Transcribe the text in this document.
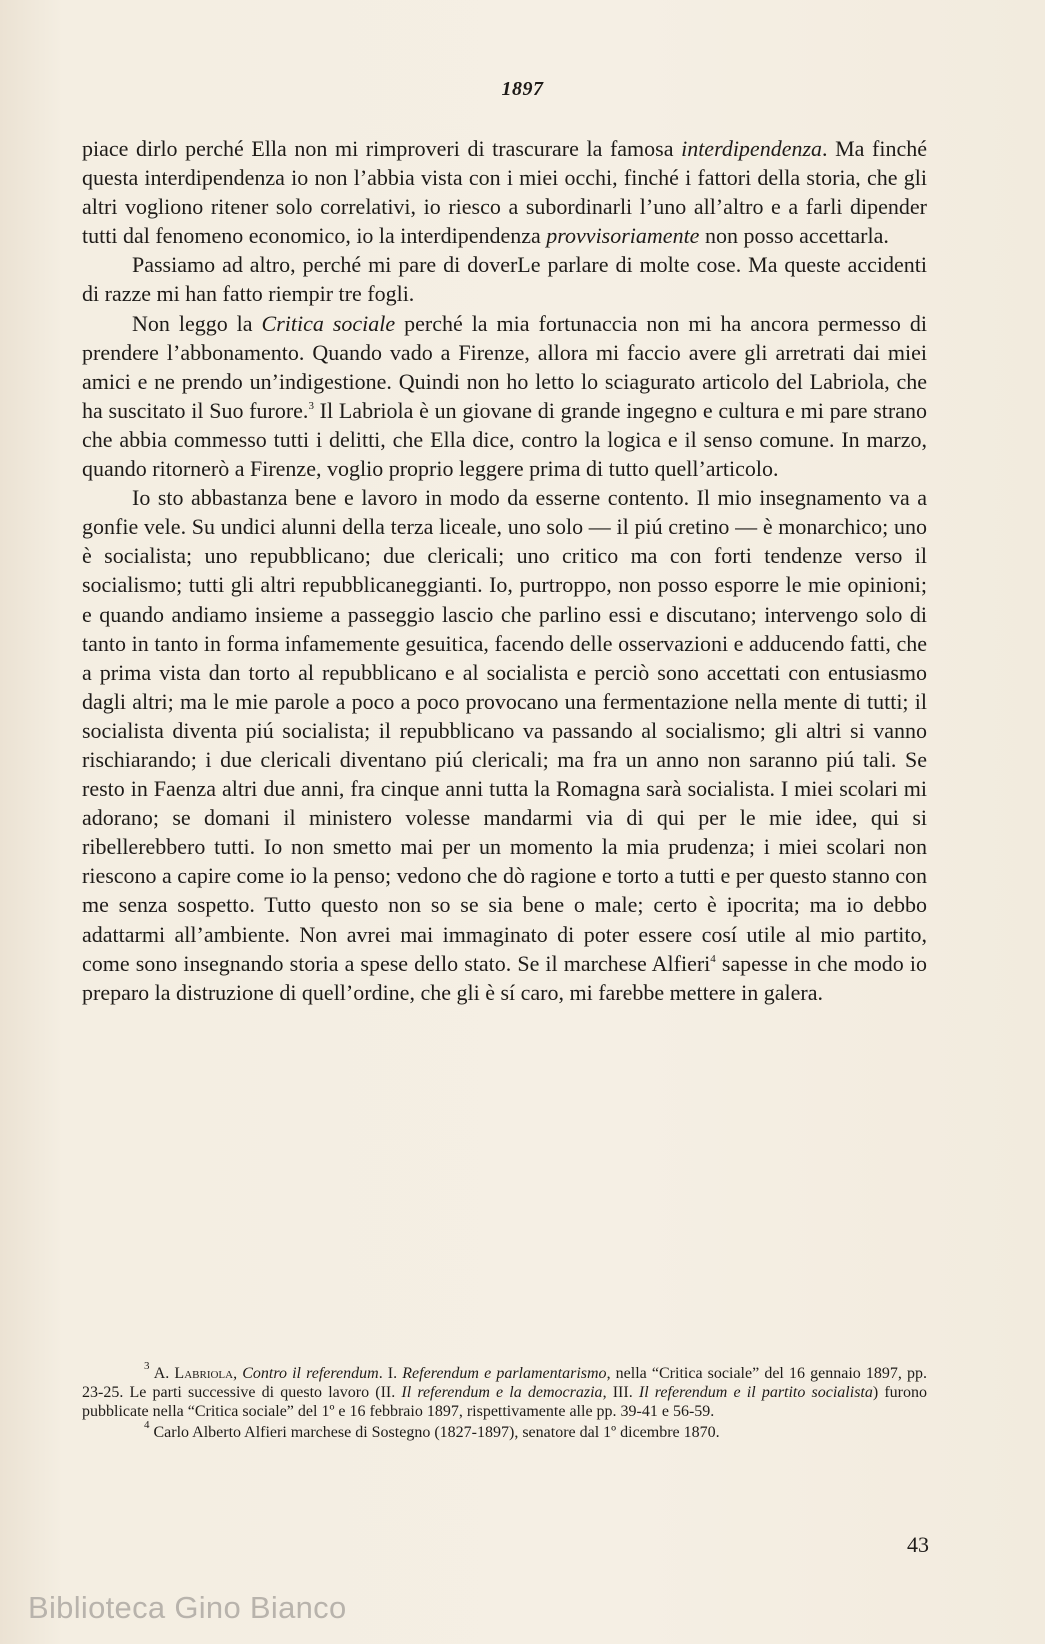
1897

piace dirlo perché Ella non mi rimproveri di trascurare la famosa interdipendenza. Ma finché questa interdipendenza io non l’abbia vista con i miei occhi, finché i fattori della storia, che gli altri vogliono ritener solo correlativi, io riesco a subordinarli l’uno all’altro e a farli dipender tutti dal fenomeno economico, io la interdipendenza provvisoriamente non posso accettarla.

Passiamo ad altro, perché mi pare di doverLe parlare di molte cose. Ma queste accidenti di razze mi han fatto riempir tre fogli.

Non leggo la Critica sociale perché la mia fortunaccia non mi ha ancora permesso di prendere l’abbonamento. Quando vado a Firenze, allora mi faccio avere gli arretrati dai miei amici e ne prendo un’indigestione. Quindi non ho letto lo sciagurato articolo del Labriola, che ha suscitato il Suo furore.$^3$ Il Labriola è un giovane di grande ingegno e cultura e mi pare strano che abbia commesso tutti i delitti, che Ella dice, contro la logica e il senso comune. In marzo, quando ritornerò a Firenze, voglio proprio leggere prima di tutto quell’articolo.

Io sto abbastanza bene e lavoro in modo da esserne contento. Il mio insegnamento va a gonfie vele. Su undici alunni della terza liceale, uno solo — il piú cretino — è monarchico; uno è socialista; uno repubblicano; due clericali; uno critico ma con forti tendenze verso il socialismo; tutti gli altri repubblicaneggianti. Io, purtroppo, non posso esporre le mie opinioni; e quando andiamo insieme a passeggio lascio che parlino essi e discutano; intervengo solo di tanto in tanto in forma infamemente gesuitica, facendo delle osservazioni e adducendo fatti, che a prima vista dan torto al repubblicano e al socialista e perciò sono accettati con entusiasmo dagli altri; ma le mie parole a poco a poco provocano una fermentazione nella mente di tutti; il socialista diventa piú socialista; il repubblicano va passando al socialismo; gli altri si vanno rischiarando; i due clericali diventano piú clericali; ma fra un anno non saranno piú tali. Se resto in Faenza altri due anni, fra cinque anni tutta la Romagna sarà socialista. I miei scolari mi adorano; se domani il ministero volesse mandarmi via di qui per le mie idee, qui si ribellerebbero tutti. Io non smetto mai per un momento la mia prudenza; i miei scolari non riescono a capire come io la penso; vedono che dò ragione e torto a tutti e per questo stanno con me senza sospetto. Tutto questo non so se sia bene o male; certo è ipocrita; ma io debbo adattarmi all’ambiente. Non avrei mai immaginato di poter essere cosí utile al mio partito, come sono insegnando storia a spese dello stato. Se il marchese Alfieri$^4$ sapesse in che modo io preparo la distruzione di quell’ordine, che gli è sí caro, mi farebbe mettere in galera.

$^3$ A. Labriola, Contro il referendum. I. Referendum e parlamentarismo, nella “Critica sociale” del 16 gennaio 1897, pp. 23-25. Le parti successive di questo lavoro (II. Il referendum e la democrazia, III. Il referendum e il partito socialista) furono pubblicate nella “Critica sociale” del 1º e 16 febbraio 1897, rispettivamente alle pp. 39-41 e 56-59.

$^4$ Carlo Alberto Alfieri marchese di Sostegno (1827-1897), senatore dal 1º dicembre 1870.

43
Biblioteca Gino Bianco
